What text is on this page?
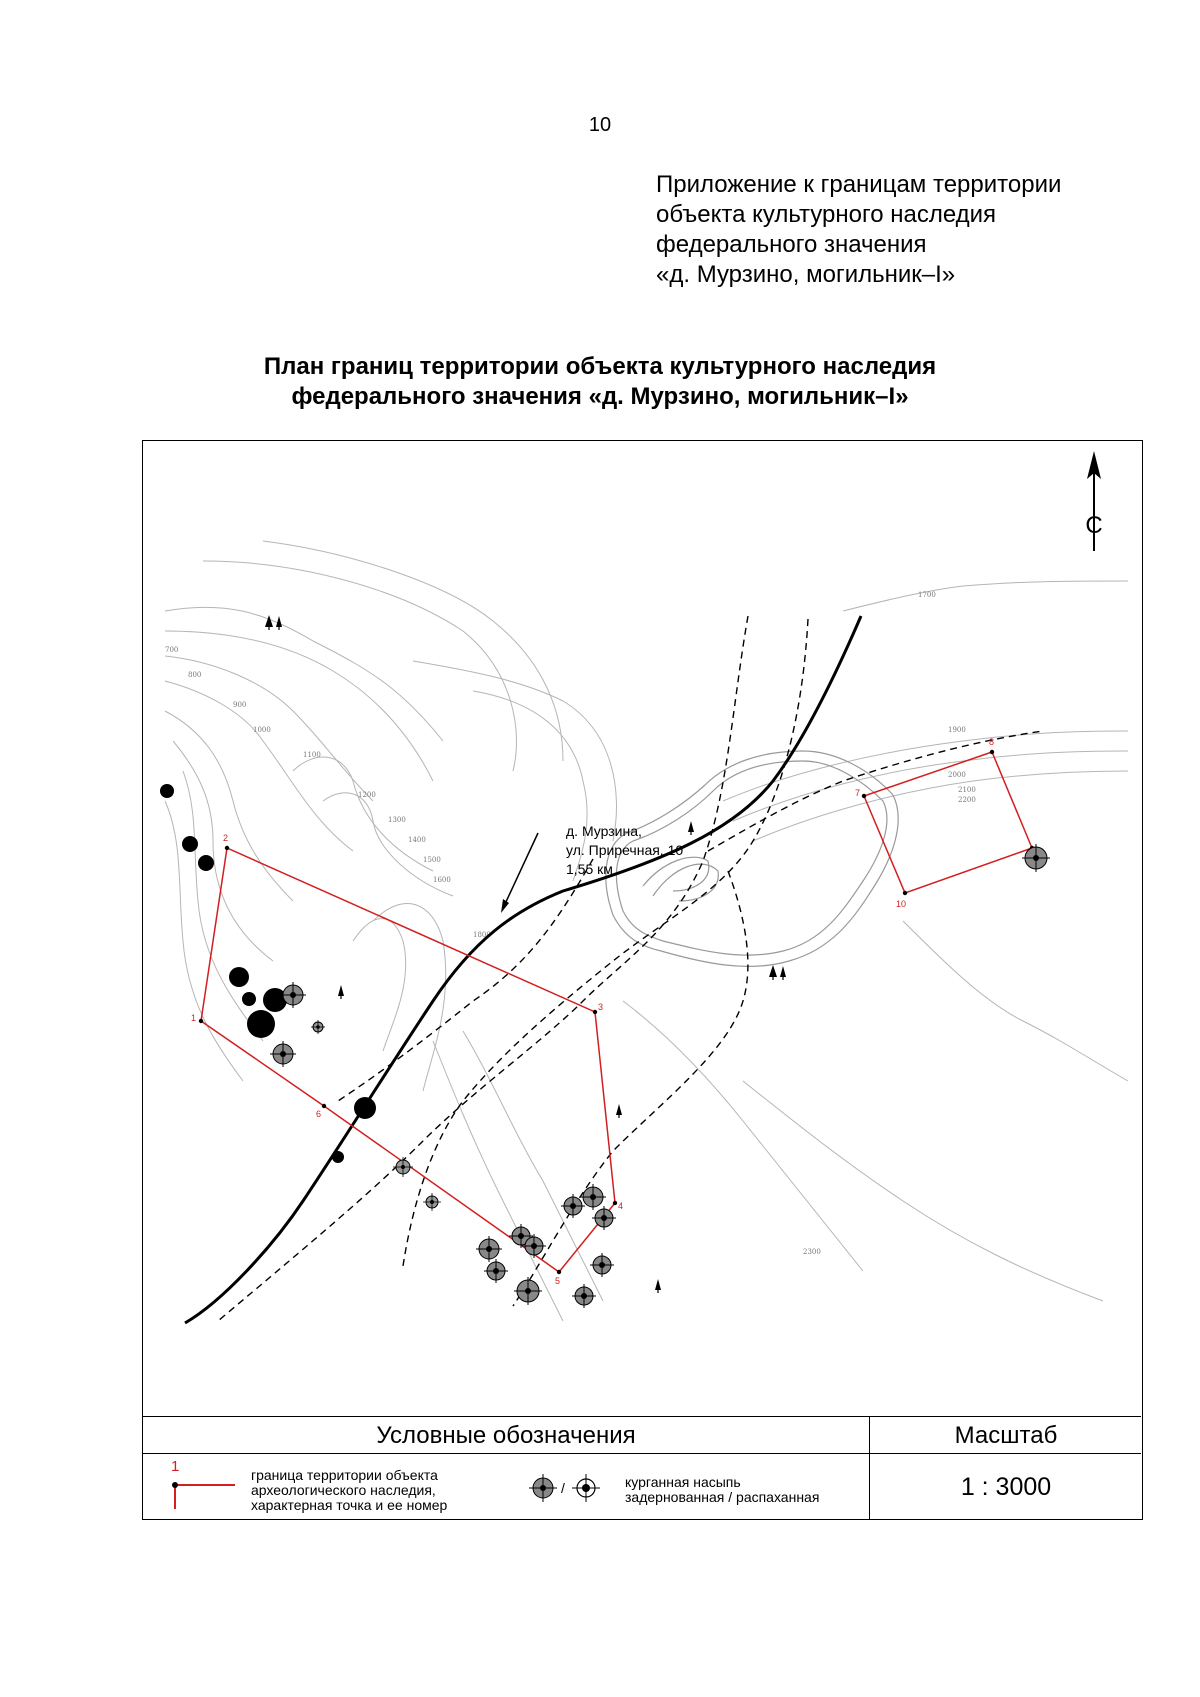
10
Приложение к границам территории
объекта культурного наследия
федерального значения
«д. Мурзино, могильник–I»
План границ территории объекта культурного наследия
федерального значения «д. Мурзино, могильник–I»
700
800
900
1000
1100
1200
1300
1400
1500
1600
1700
1800
1900
2000
2100
2200
2300
1
2
3
4
5
6
7
8
10
С
д. Мурзина,
ул. Приречная, 10
1,55 км
Условные обозначения	Масштаб
1	граница территории объекта
археологического наследия,
характерная точка и ее номер
/	курганная насыпь
задернованная / распаханная	1 : 3000
